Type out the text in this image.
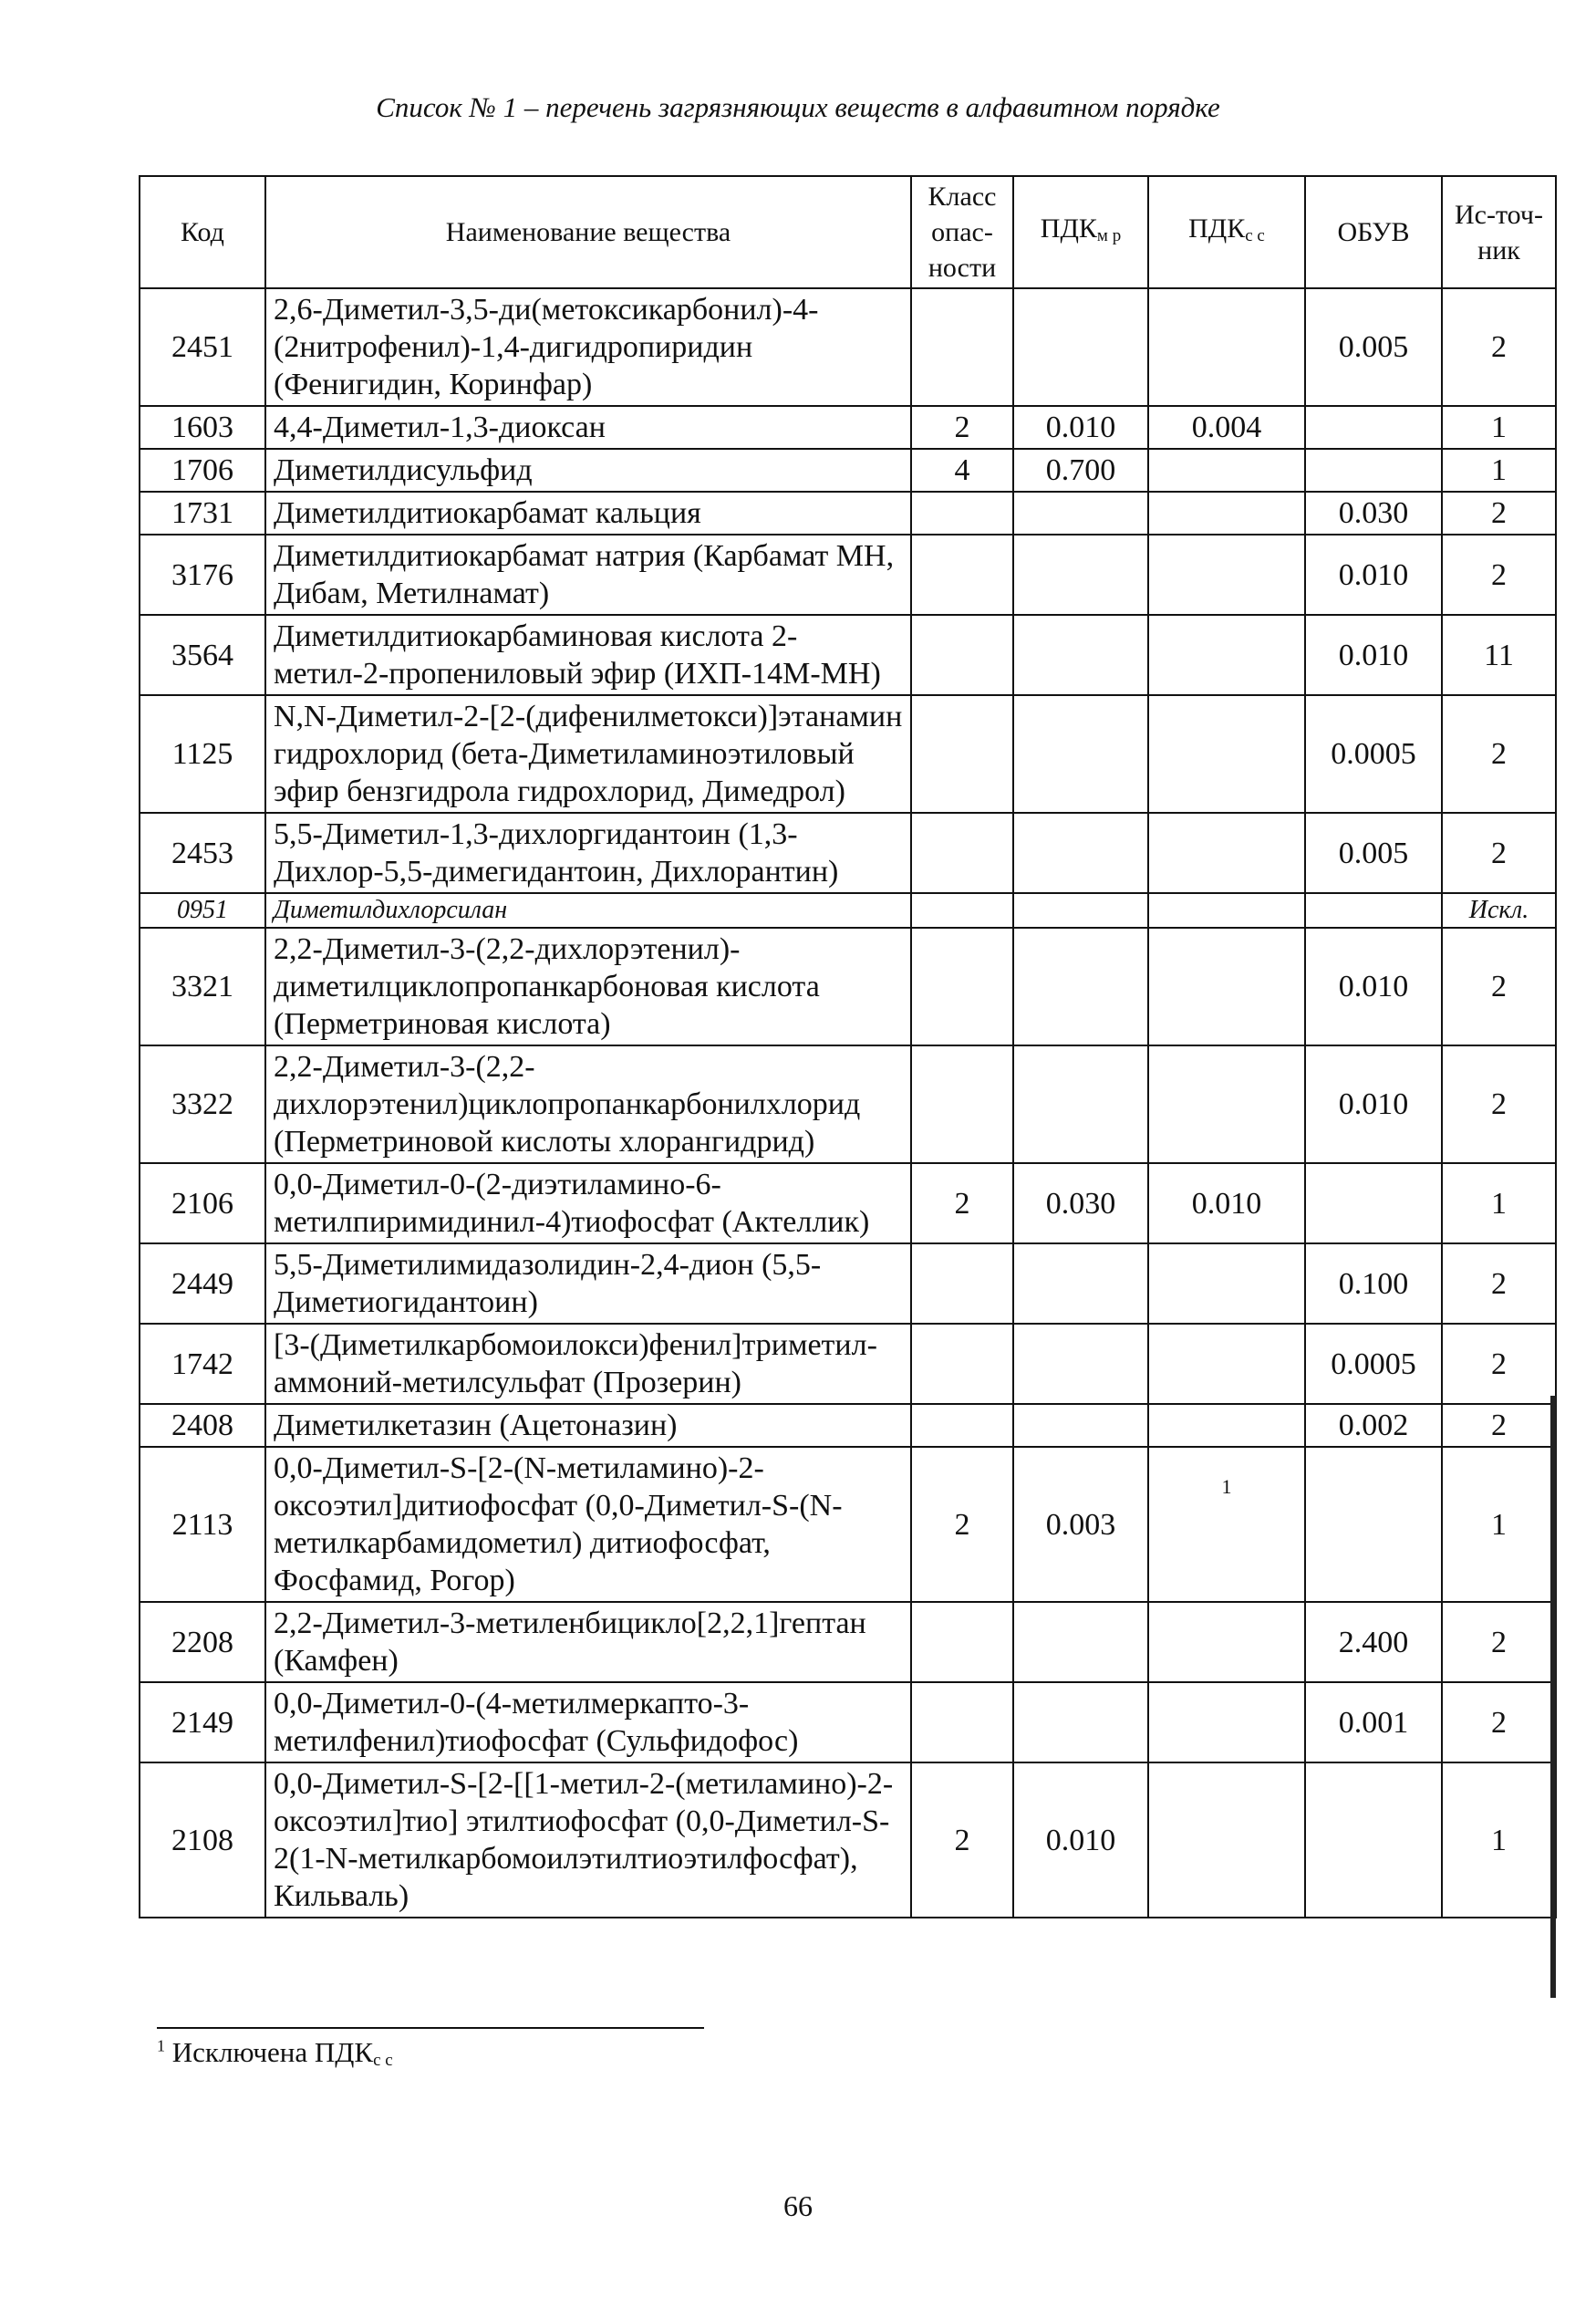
Список № 1 – перечень загрязняющих веществ в алфавитном порядке
Код	Наименование вещества	Класс опас-ности	$ПДК_{м р}$	$ПДК_{с с}$	ОБУВ	Ис-точ-ник
2451	2,6-Диметил-3,5-ди(метоксикарбонил)-4-(2нитрофенил)-1,4-дигидропиридин (Фенигидин, Коринфар)				0.005	2
1603	4,4-Диметил-1,3-диоксан	2	0.010	0.004		1
1706	Диметилдисульфид	4	0.700			1
1731	Диметилдитиокарбамат кальция				0.030	2
3176	Диметилдитиокарбамат натрия (Карбамат МН, Дибам, Метилнамат)				0.010	2
3564	Диметилдитиокарбаминовая кислота 2-метил-2-пропениловый эфир (ИХП-14М-МН)				0.010	11
1125	N,N-Диметил-2-[2-(дифенилметокси)]этанамин гидрохлорид (бета-Диметиламиноэтиловый эфир бензгидрола гидрохлорид, Димедрол)				0.0005	2
2453	5,5-Диметил-1,3-дихлоргидантоин (1,3-Дихлор-5,5-димегидантоин, Дихлорантин)				0.005	2
0951	Диметилдихлорсилан					Искл.
3321	2,2-Диметил-3-(2,2-дихлорэтенил)-диметилциклопропанкарбоновая кислота (Перметриновая кислота)				0.010	2
3322	2,2-Диметил-3-(2,2-дихлорэтенил)циклопропанкарбонилхлорид (Перметриновой кислоты хлорангидрид)				0.010	2
2106	0,0-Диметил-0-(2-диэтиламино-6-метилпиримидинил-4)тиофосфат (Актеллик)	2	0.030	0.010		1
2449	5,5-Диметилимидазолидин-2,4-дион (5,5-Диметиогидантоин)				0.100	2
1742	[3-(Диметилкарбомоилокси)фенил]триметил-аммоний-метилсульфат (Прозерин)				0.0005	2
2408	Диметилкетазин (Ацетоназин)				0.002	2
2113	0,0-Диметил-S-[2-(N-метиламино)-2-оксоэтил]дитиофосфат (0,0-Диметил-S-(N-метилкарбамидометил) дитиофосфат, Фосфамид, Рогор)	2	0.003	1		1
2208	2,2-Диметил-3-метиленбицикло[2,2,1]гептан (Камфен)				2.400	2
2149	0,0-Диметил-0-(4-метилмеркапто-3-метилфенил)тиофосфат (Сульфидофос)				0.001	2
2108	0,0-Диметил-S-[2-[[1-метил-2-(метиламино)-2-оксоэтил]тио] этилтиофосфат (0,0-Диметил-S-2(1-N-метилкарбомоилэтилтиоэтилфосфат), Кильваль)	2	0.010			1
$^1$ Исключена $ПДК_{с с}$
66
